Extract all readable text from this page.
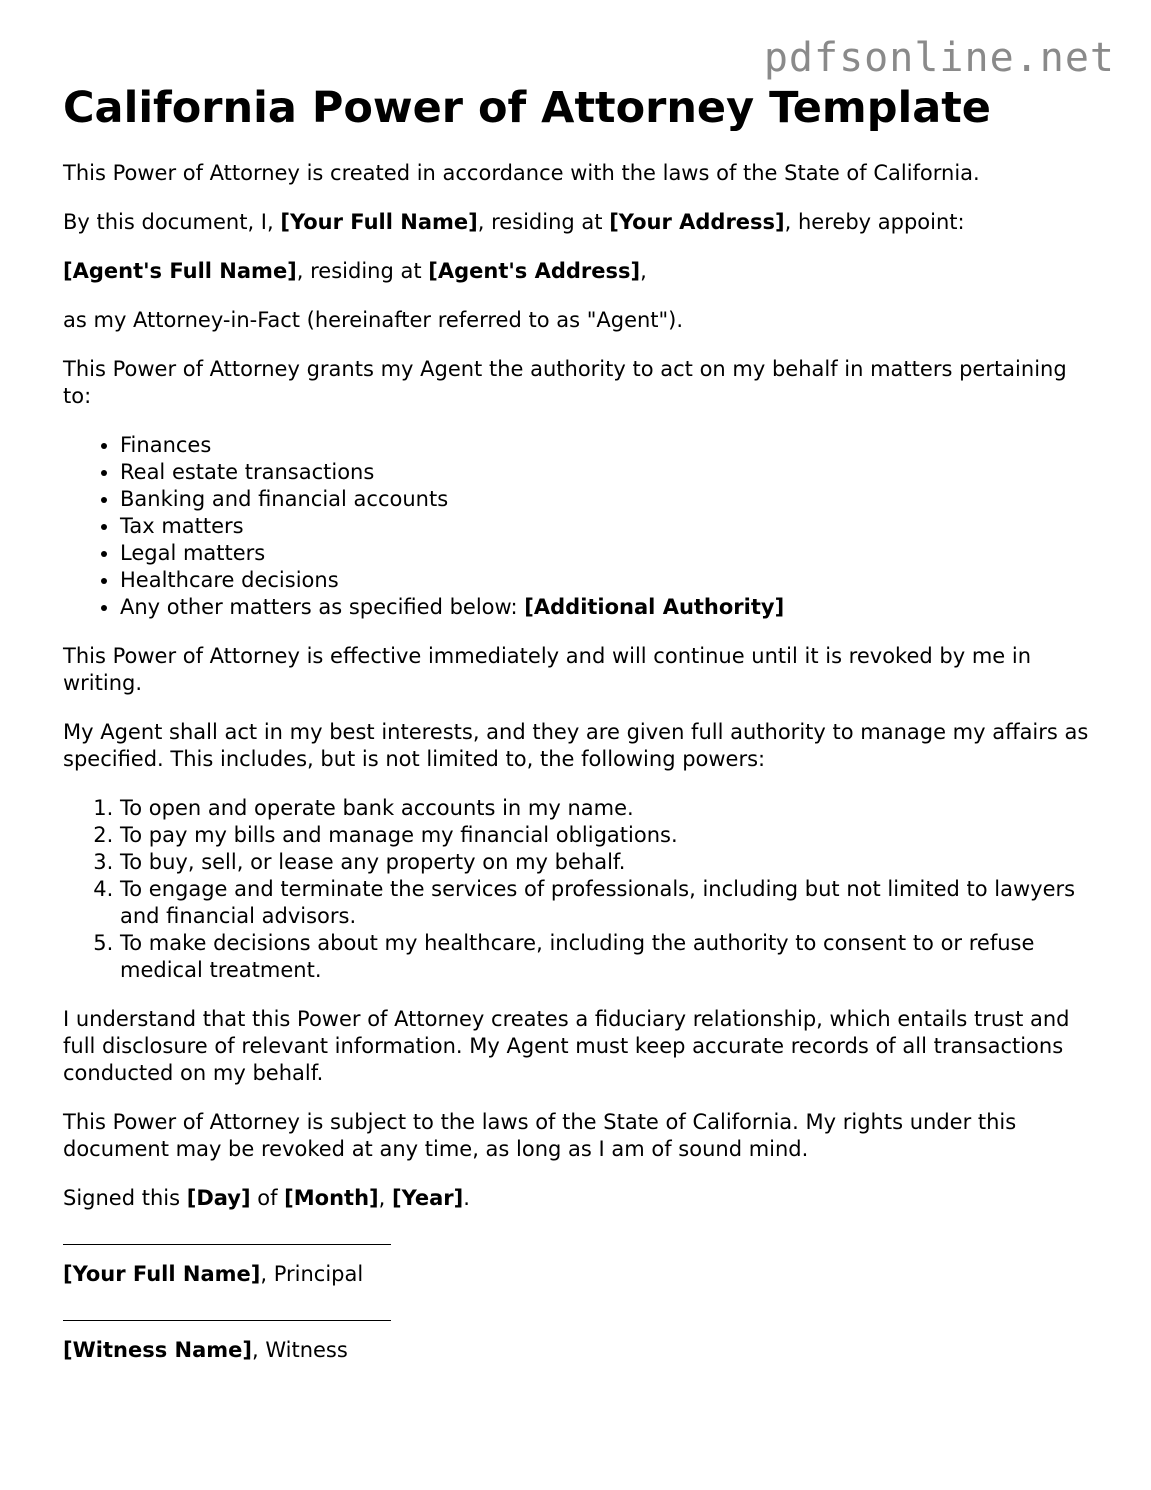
pdfsonline.net
California Power of Attorney Template

This Power of Attorney is created in accordance with the laws of the State of California.

By this document, I, [Your Full Name], residing at [Your Address], hereby appoint:

[Agent's Full Name], residing at [Agent's Address],

as my Attorney-in-Fact (hereinafter referred to as "Agent").

This Power of Attorney grants my Agent the authority to act on my behalf in matters pertaining to:

• Finances
• Real estate transactions
• Banking and financial accounts
• Tax matters
• Legal matters
• Healthcare decisions
• Any other matters as specified below: [Additional Authority]

This Power of Attorney is effective immediately and will continue until it is revoked by me in writing.

My Agent shall act in my best interests, and they are given full authority to manage my affairs as specified. This includes, but is not limited to, the following powers:

1. To open and operate bank accounts in my name.
2. To pay my bills and manage my financial obligations.
3. To buy, sell, or lease any property on my behalf.
4. To engage and terminate the services of professionals, including but not limited to lawyers and financial advisors.
5. To make decisions about my healthcare, including the authority to consent to or refuse medical treatment.

I understand that this Power of Attorney creates a fiduciary relationship, which entails trust and full disclosure of relevant information. My Agent must keep accurate records of all transactions conducted on my behalf.

This Power of Attorney is subject to the laws of the State of California. My rights under this document may be revoked at any time, as long as I am of sound mind.

Signed this [Day] of [Month], [Year].

[Your Full Name], Principal

[Witness Name], Witness
